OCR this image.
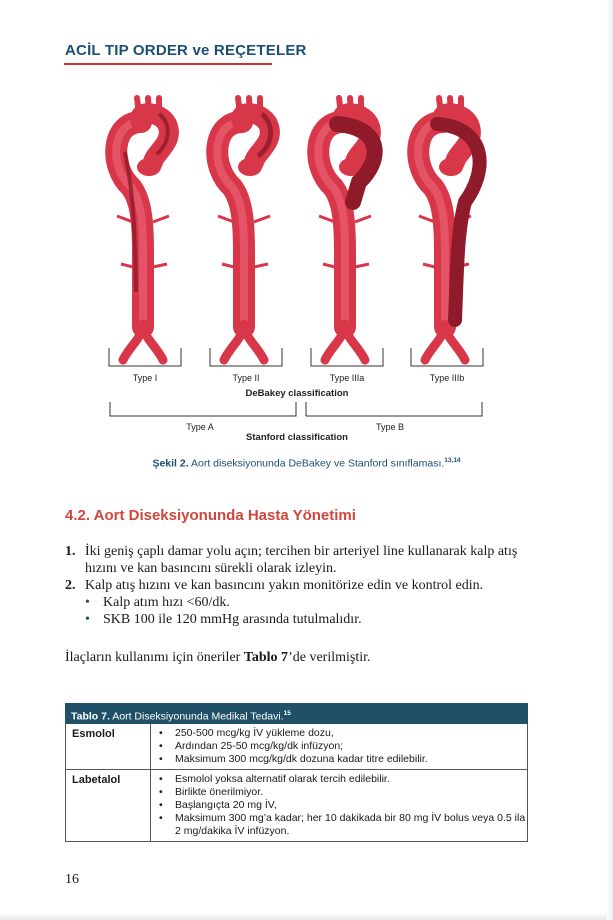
ACİL TIP ORDER ve REÇETELER
Type I	Type II	Type IIIa	Type IIIb
DeBakey classification
Type A	Type B
Stanford classification
Şekil 2. Aort diseksiyonunda DeBakey ve Stanford sınıflaması.$^{13,14}$
4.2. Aort Diseksiyonunda Hasta Yönetimi
1. İki geniş çaplı damar yolu açın; tercihen bir arteriyel line kullanarak kalp atış hızını ve kan basıncını sürekli olarak izleyin.
2. Kalp atış hızını ve kan basıncını yakın monitörize edin ve kontrol edin.
• Kalp atım hızı <60/dk.
• SKB 100 ile 120 mmHg arasında tutulmalıdır.
İlaçların kullanımı için öneriler Tablo 7’de verilmiştir.
Tablo 7. Aort Diseksiyonunda Medikal Tedavi.$^{15}$
Esmolol	• 250-500 mcg/kg İV yükleme dozu,
• Ardından 25-50 mcg/kg/dk infüzyon;
• Maksimum 300 mcg/kg/dk dozuna kadar titre edilebilir.
Labetalol	• Esmolol yoksa alternatif olarak tercih edilebilir.
• Birlikte önerilmiyor.
• Başlangıçta 20 mg İV,
• Maksimum 300 mg’a kadar; her 10 dakikada bir 80 mg İV bolus veya 0.5 ila 2 mg/dakika İV infüzyon.
16
